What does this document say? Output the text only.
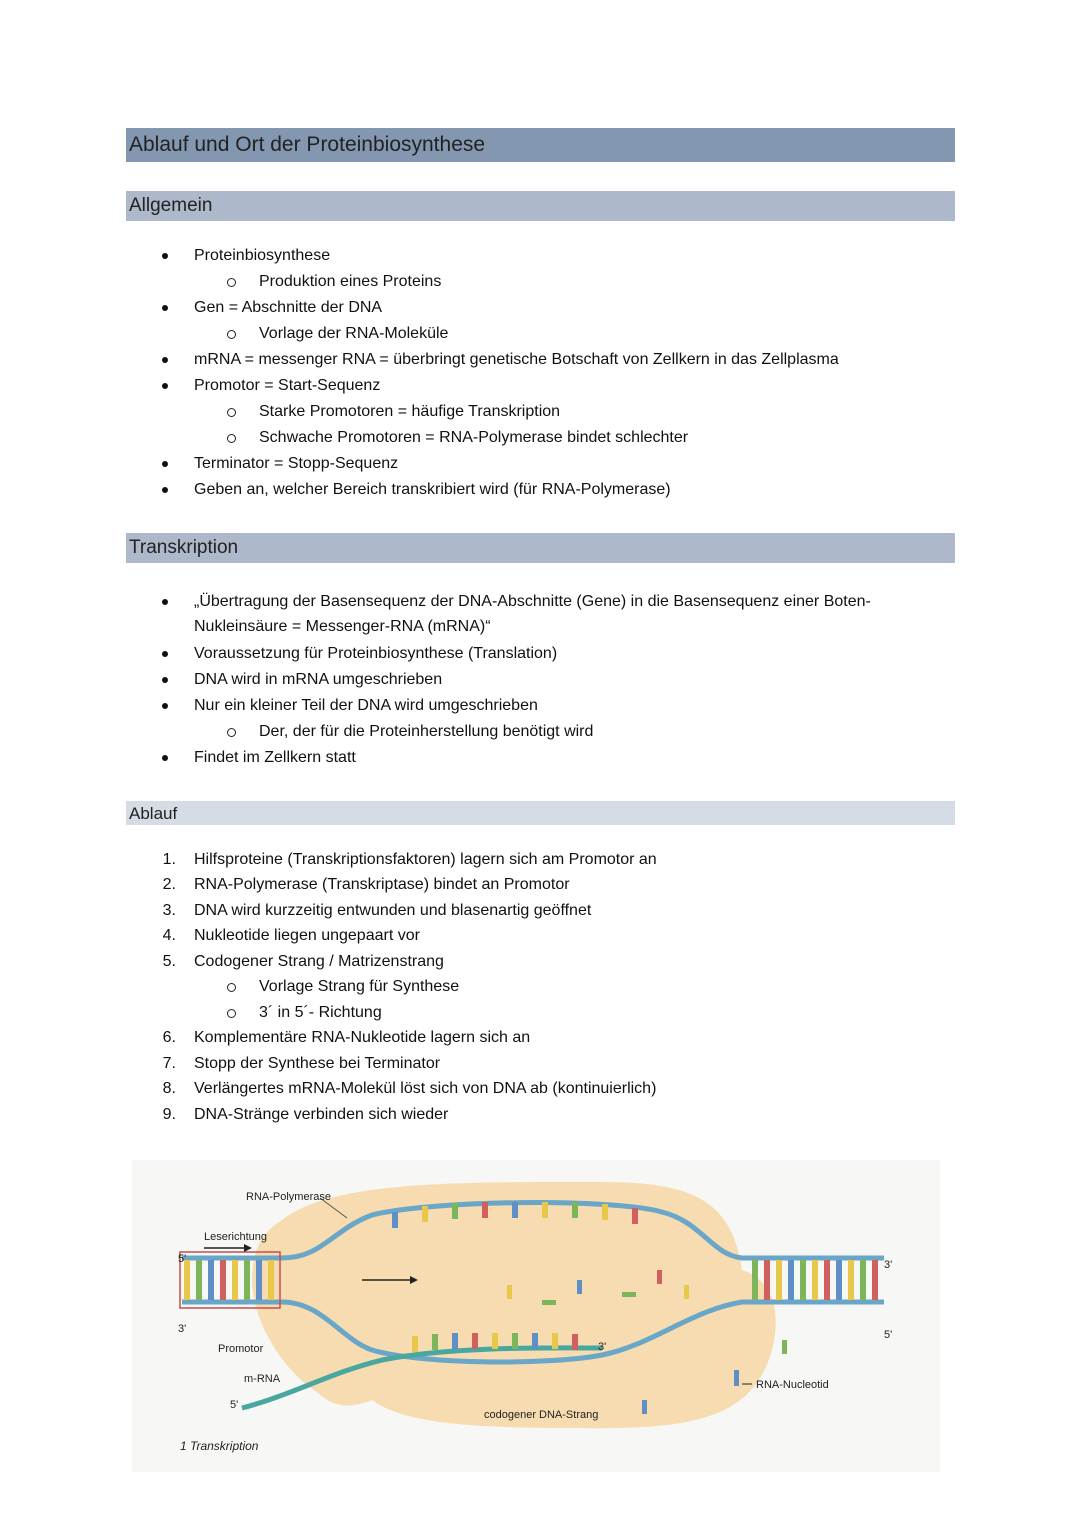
Ablauf und Ort der Proteinbiosynthese
Allgemein
Transkription
Ablauf
Proteinbiosynthese
Produktion eines Proteins
Gen = Abschnitte der DNA
Vorlage der RNA-Moleküle
mRNA = messenger RNA = überbringt genetische Botschaft von Zellkern in das Zellplasma
Promotor = Start-Sequenz
Starke Promotoren = häufige Transkription
Schwache Promotoren = RNA-Polymerase bindet schlechter
Terminator = Stopp-Sequenz
Geben an, welcher Bereich transkribiert wird (für RNA-Polymerase)
„Übertragung der Basensequenz der DNA-Abschnitte (Gene) in die Basensequenz einer Boten-
Nukleinsäure = Messenger-RNA (mRNA)“
Voraussetzung für Proteinbiosynthese (Translation)
DNA wird in mRNA umgeschrieben
Nur ein kleiner Teil der DNA wird umgeschrieben
Der, der für die Proteinherstellung benötigt wird
Findet im Zellkern statt
1. Hilfsproteine (Transkriptionsfaktoren) lagern sich am Promotor an
2. RNA-Polymerase (Transkriptase) bindet an Promotor
3. DNA wird kurzzeitig entwunden und blasenartig geöffnet
4. Nukleotide liegen ungepaart vor
5. Codogener Strang / Matrizenstrang
Vorlage Strang für Synthese
3´ in 5´- Richtung
6. Komplementäre RNA-Nukleotide lagern sich an
7. Stopp der Synthese bei Terminator
8. Verlängertes mRNA-Molekül löst sich von DNA ab (kontinuierlich)
9. DNA-Stränge verbinden sich wieder
RNA-Polymerase
Leserichtung
5'
3'
Promotor
m-RNA
5'
3'
3'
5'
codogener DNA-Strang
RNA-Nucleotid
1 Transkription
